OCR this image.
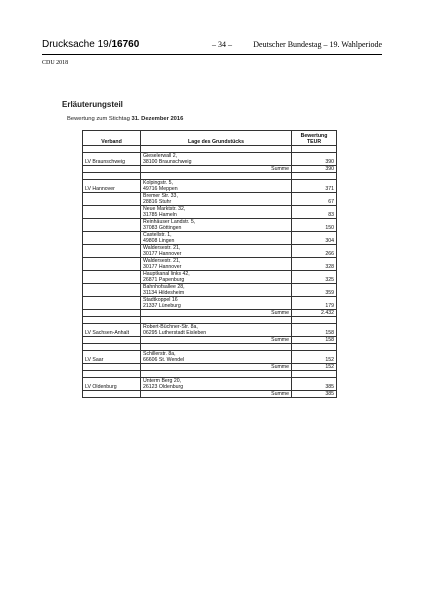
Drucksache 19/16760	– 34 –	Deutscher Bundestag – 19. Wahlperiode
CDU 2018
Erläuterungsteil
Bewertung zum Stichtag 31. Dezember 2016
Verband	Lage des Grundstücks	Bewertung
TEUR

LV Braunschweig	Gieselerwall 2,
38100 Braunschweig	390
	Summe	390

LV Hannover	Kolpingstr. 5,
49716 Meppen	371
	Bremer Str. 33,
28816 Stuhr	67
	Neue Marktstr. 32,
31785 Hameln	83
	Reinhäuser Landstr. 5,
37083 Göttingen	150
	Castellstr. 1,
49808 Lingen	304
	Waldersestr. 21,
30177 Hannover	266
	Waldersestr. 21,
30177 Hannover	328
	Hauptkanal links 42,
26871 Papenburg	325
	Bahnhofsallee 28,
31134 Hildesheim	359
	Stadtkoppel 16
21337 Lüneburg	179
	Summe	2.432

LV Sachsen-Anhalt	Robert-Büchner-Str. 8a,
06295 Lutherstadt Eisleben	158
	Summe	158

LV Saar	Schillerstr. 8a,
66606 St. Wendel	152
	Summe	152

LV Oldenburg	Unterm Berg 20,
26123 Oldenburg	385
	Summe	385
